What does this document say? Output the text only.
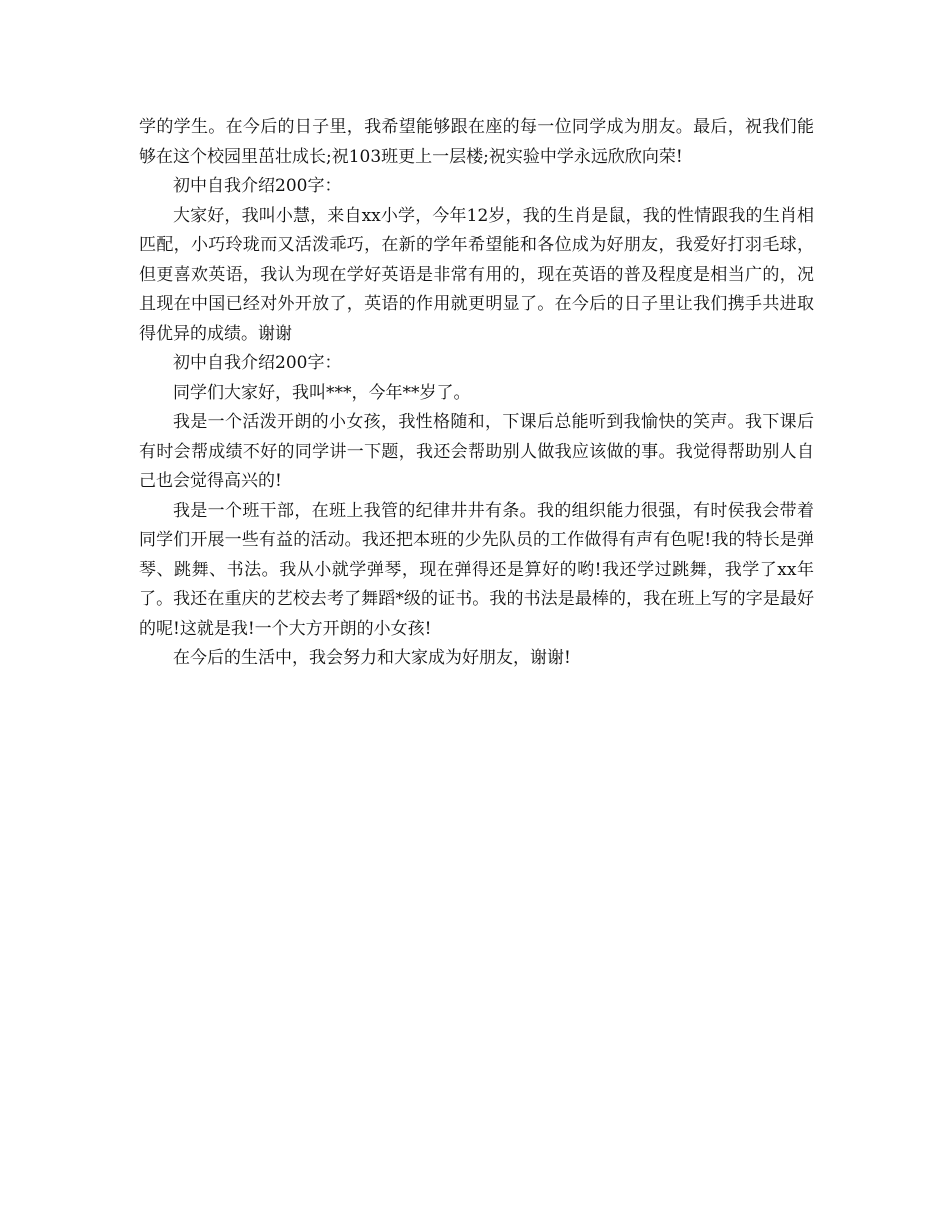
学的学生。在今后的日子里，我希望能够跟在座的每一位同学成为朋友。最后，祝我们能够在这个校园里茁壮成长;祝103班更上一层楼;祝实验中学永远欣欣向荣!

初中自我介绍200字：

大家好，我叫小慧，来自xx小学，今年12岁，我的生肖是鼠，我的性情跟我的生肖相匹配，小巧玲珑而又活泼乖巧，在新的学年希望能和各位成为好朋友，我爱好打羽毛球，但更喜欢英语，我认为现在学好英语是非常有用的，现在英语的普及程度是相当广的，况且现在中国已经对外开放了，英语的作用就更明显了。在今后的日子里让我们携手共进取得优异的成绩。谢谢

初中自我介绍200字：

同学们大家好，我叫***，今年**岁了。

我是一个活泼开朗的小女孩，我性格随和，下课后总能听到我愉快的笑声。我下课后有时会帮成绩不好的同学讲一下题，我还会帮助别人做我应该做的事。我觉得帮助别人自己也会觉得高兴的!

我是一个班干部，在班上我管的纪律井井有条。我的组织能力很强，有时侯我会带着同学们开展一些有益的活动。我还把本班的少先队员的工作做得有声有色呢!我的特长是弹琴、跳舞、书法。我从小就学弹琴，现在弹得还是算好的哟!我还学过跳舞，我学了xx年了。我还在重庆的艺校去考了舞蹈*级的证书。我的书法是最棒的，我在班上写的字是最好的呢!这就是我!一个大方开朗的小女孩!

在今后的生活中，我会努力和大家成为好朋友，谢谢!
